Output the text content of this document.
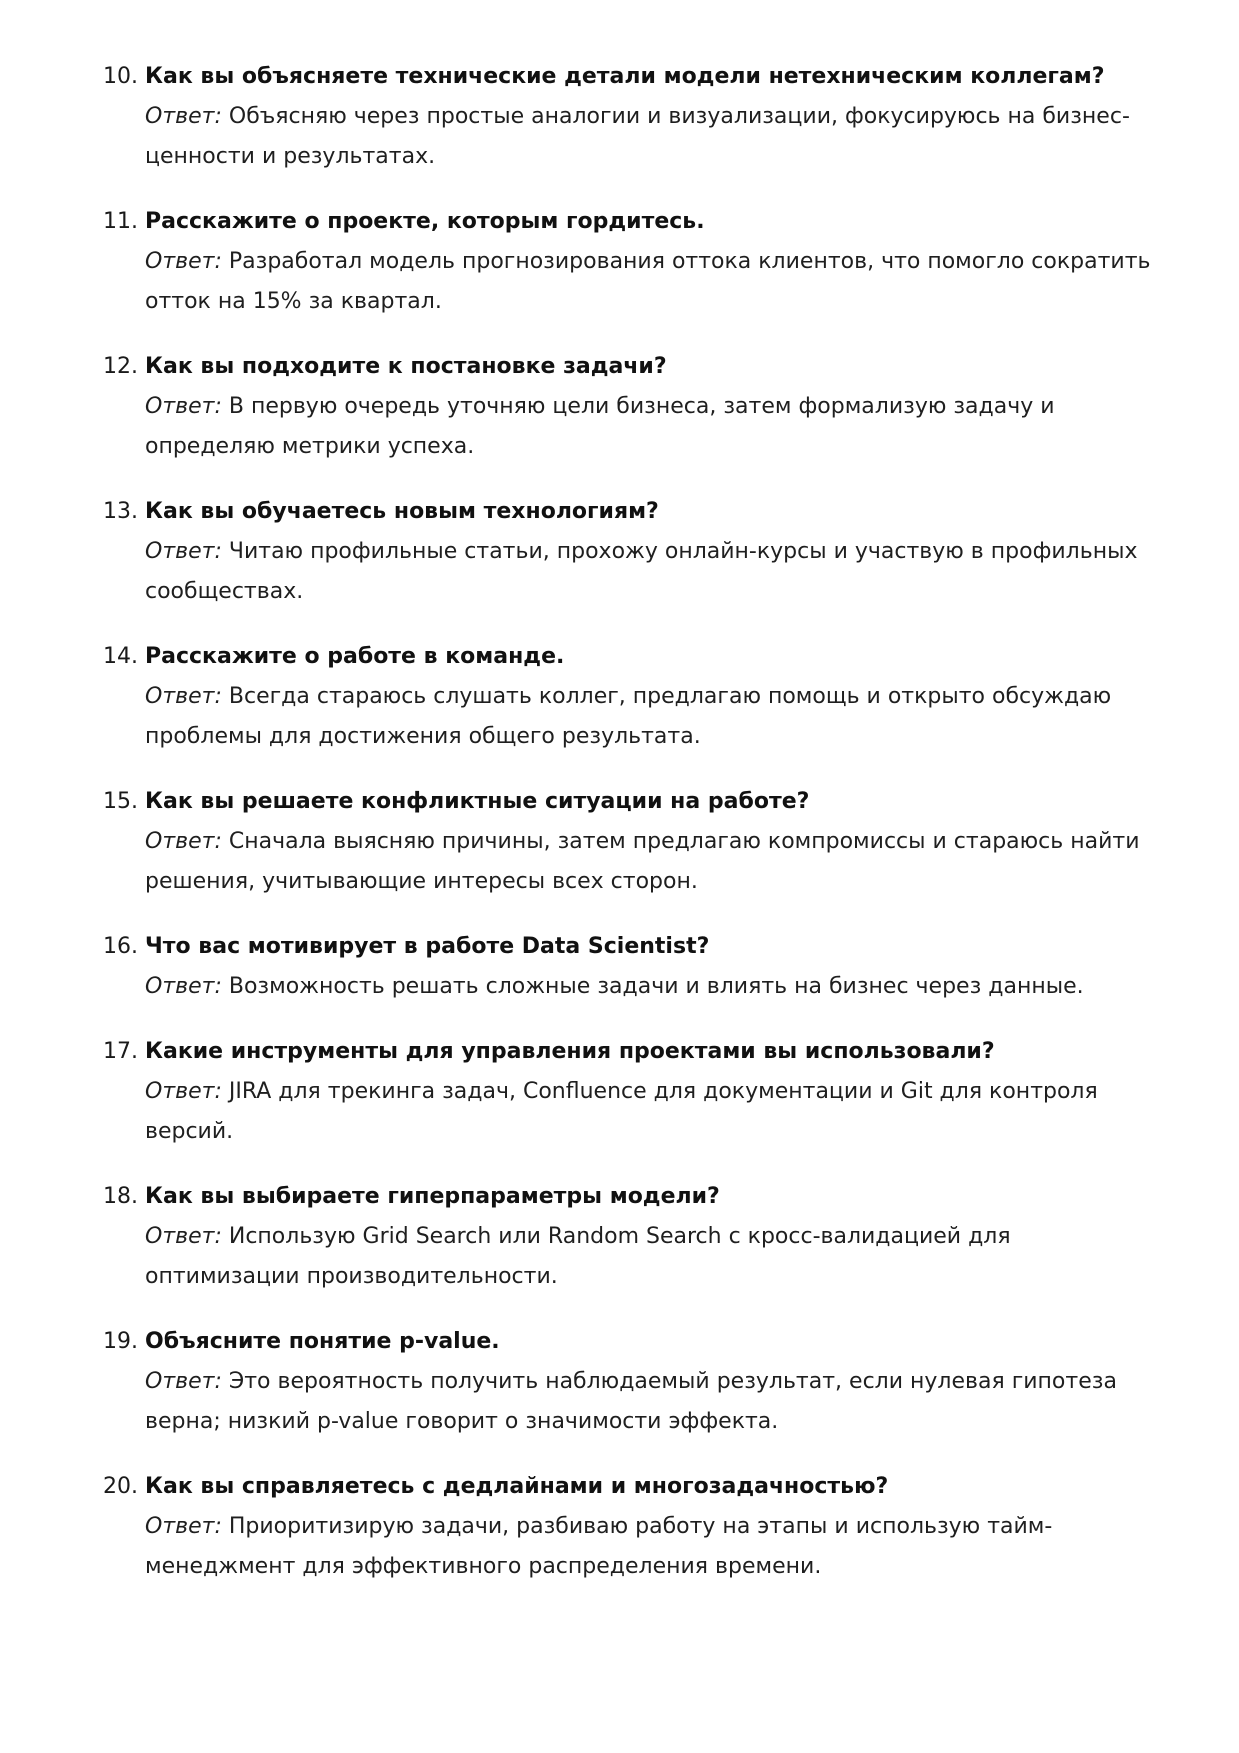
10. Как вы объясняете технические детали модели нетехническим коллегам?

Ответ: Объясняю через простые аналогии и визуализации, фокусируюсь на бизнес-ценности и результатах.

11. Расскажите о проекте, которым гордитесь.

Ответ: Разработал модель прогнозирования оттока клиентов, что помогло сократить отток на 15% за квартал.

12. Как вы подходите к постановке задачи?

Ответ: В первую очередь уточняю цели бизнеса, затем формализую задачу и определяю метрики успеха.

13. Как вы обучаетесь новым технологиям?

Ответ: Читаю профильные статьи, прохожу онлайн-курсы и участвую в профильных сообществах.

14. Расскажите о работе в команде.

Ответ: Всегда стараюсь слушать коллег, предлагаю помощь и открыто обсуждаю проблемы для достижения общего результата.

15. Как вы решаете конфликтные ситуации на работе?

Ответ: Сначала выясняю причины, затем предлагаю компромиссы и стараюсь найти решения, учитывающие интересы всех сторон.

16. Что вас мотивирует в работе Data Scientist?

Ответ: Возможность решать сложные задачи и влиять на бизнес через данные.

17. Какие инструменты для управления проектами вы использовали?

Ответ: JIRA для трекинга задач, Confluence для документации и Git для контроля версий.

18. Как вы выбираете гиперпараметры модели?

Ответ: Использую Grid Search или Random Search с кросс-валидацией для оптимизации производительности.

19. Объясните понятие p-value.

Ответ: Это вероятность получить наблюдаемый результат, если нулевая гипотеза верна; низкий p-value говорит о значимости эффекта.

20. Как вы справляетесь с дедлайнами и многозадачностью?

Ответ: Приоритизирую задачи, разбиваю работу на этапы и использую тайм-менеджмент для эффективного распределения времени.
